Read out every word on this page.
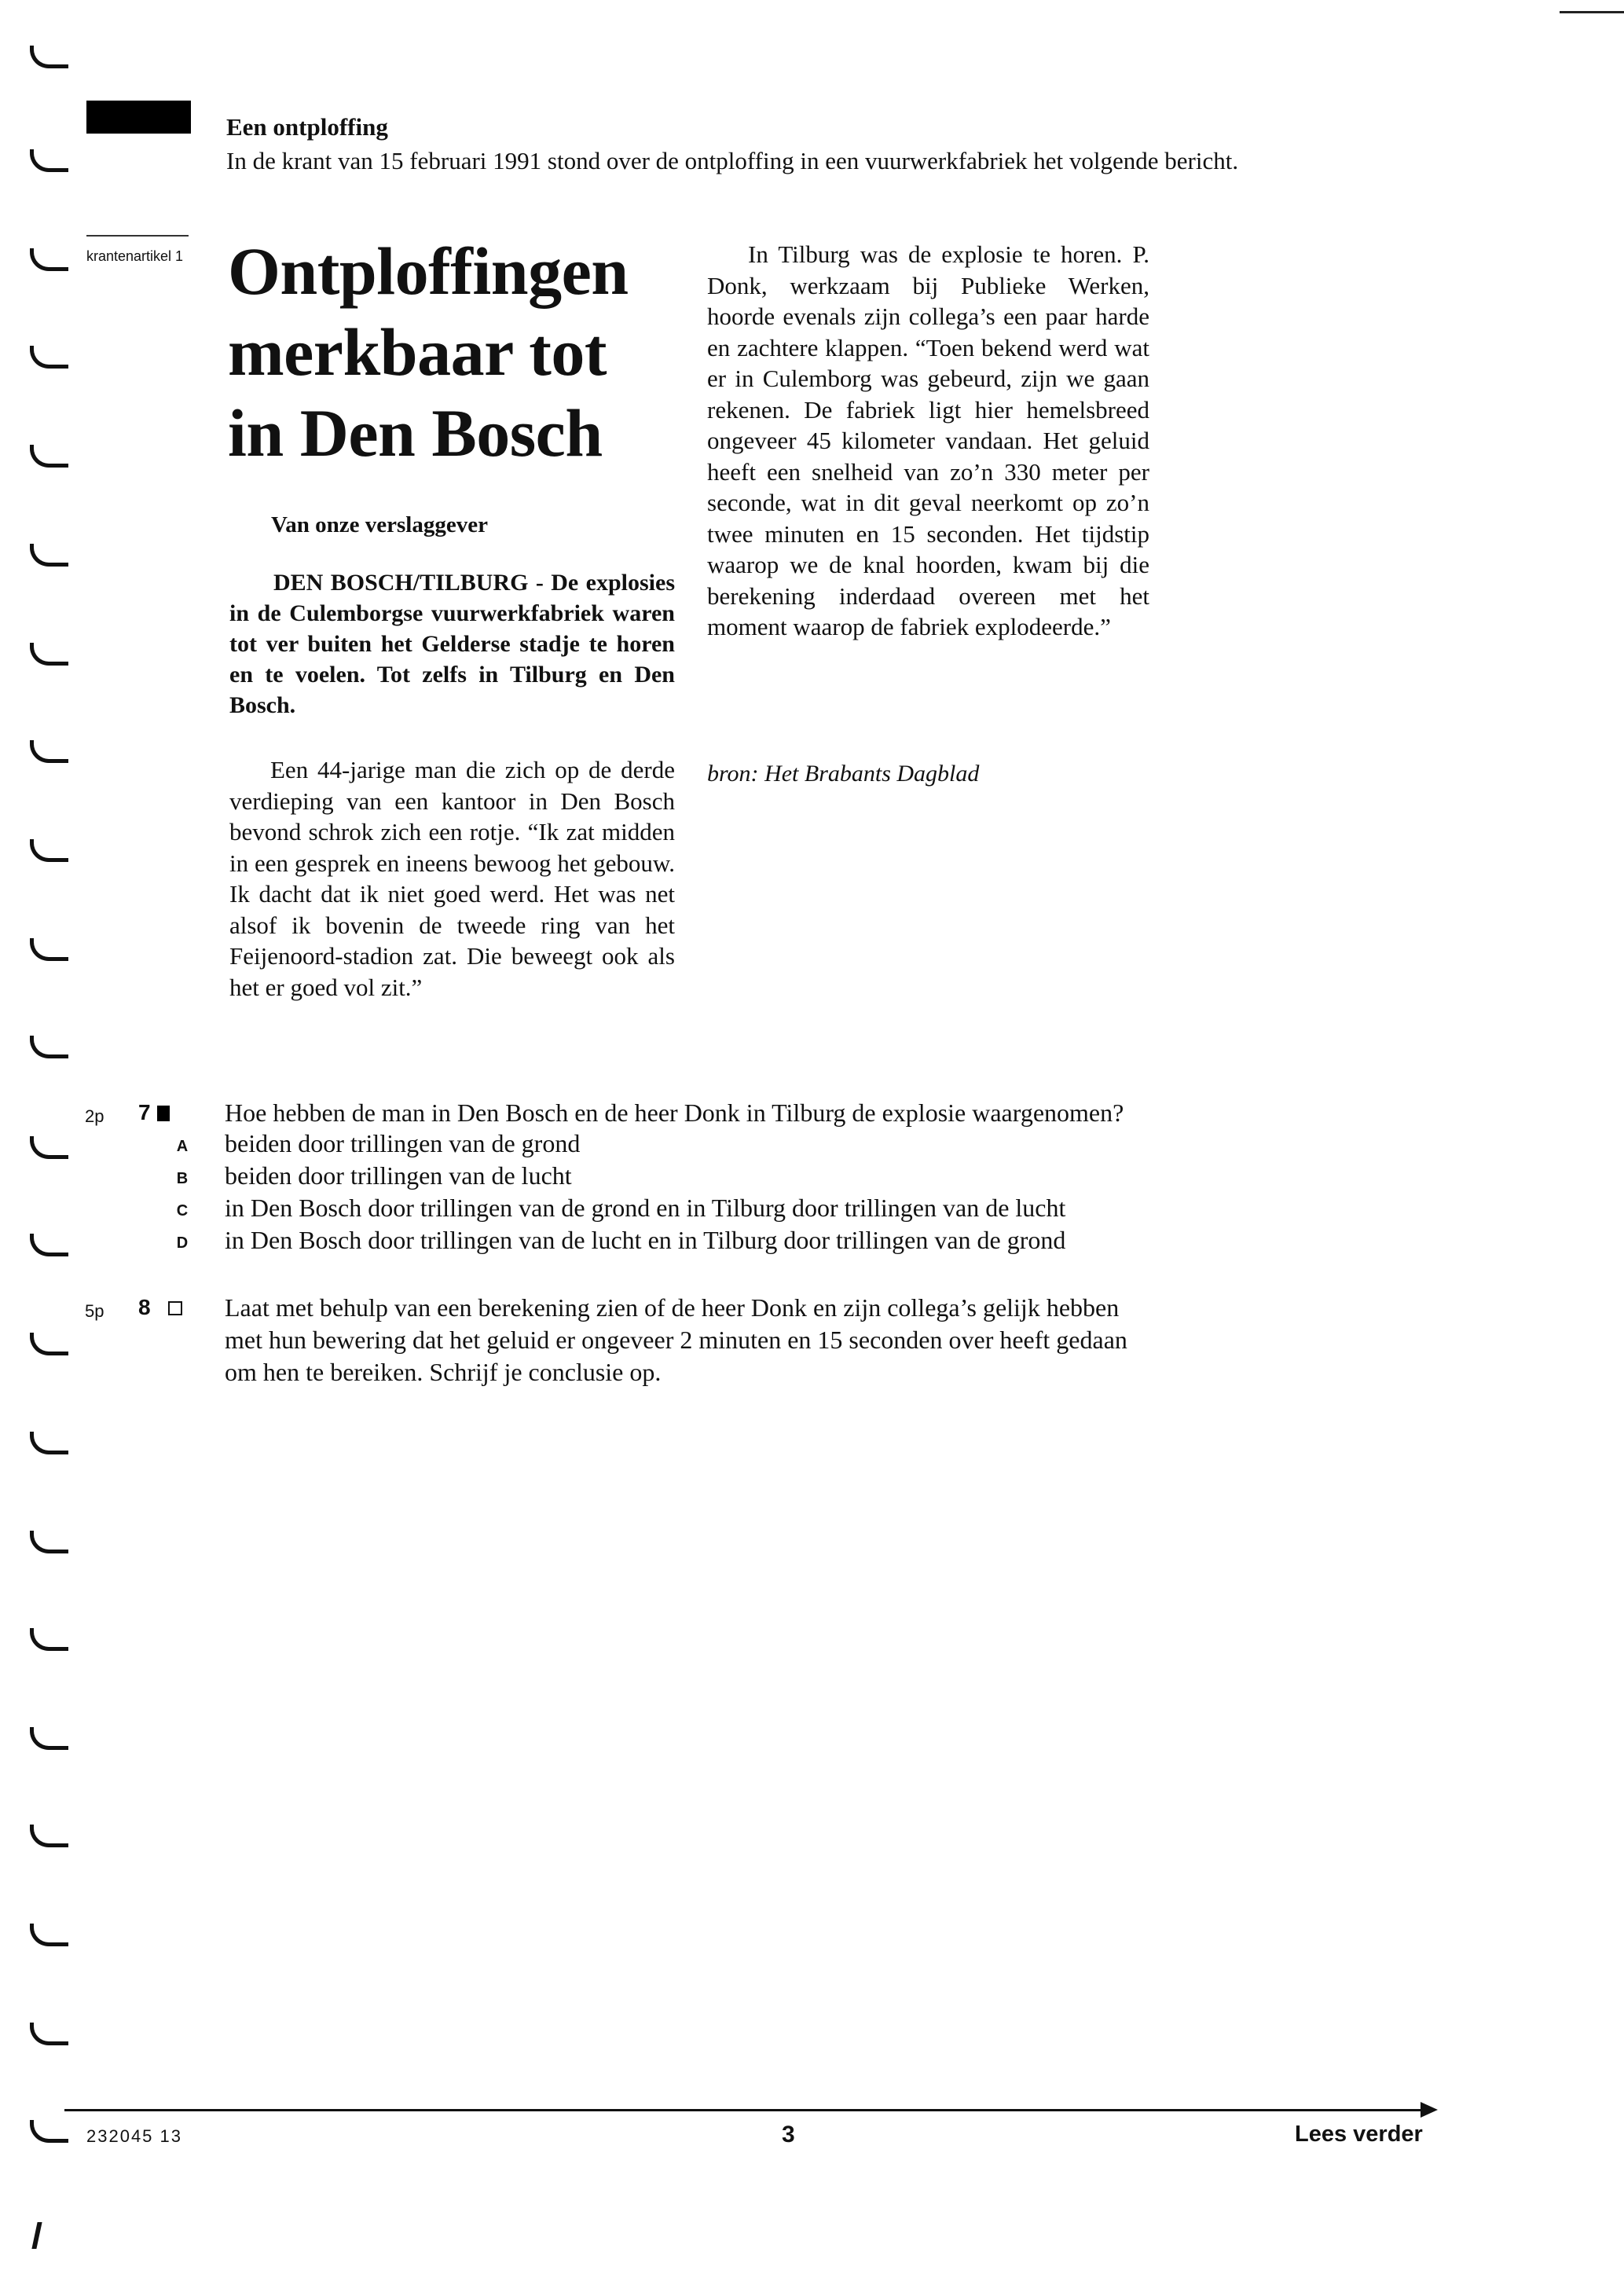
Een ontploffing
In de krant van 15 februari 1991 stond over de ontploffing in een vuurwerkfabriek het volgende bericht.
krantenartikel 1 Ontploffingen
merkbaar tot
in Den Bosch
Van onze verslaggever
DEN BOSCH/TILBURG - De explosies in de Culemborgse vuurwerkfabriek waren tot ver buiten het Gelderse stadje te horen en te voelen. Tot zelfs in Tilburg en Den Bosch.
Een 44-jarige man die zich op de derde verdieping van een kantoor in Den Bosch bevond schrok zich een rotje. “Ik zat midden in een gesprek en ineens bewoog het gebouw. Ik dacht dat ik niet goed werd. Het was net alsof ik bovenin de tweede ring van het Feijenoord-stadion zat. Die beweegt ook als het er goed vol zit.”
In Tilburg was de explosie te horen. P. Donk, werkzaam bij Publieke Werken, hoorde evenals zijn collega’s een paar harde en zachtere klappen. “Toen bekend werd wat er in Culemborg was gebeurd, zijn we gaan rekenen. De fabriek ligt hier hemelsbreed ongeveer 45 kilometer vandaan. Het geluid heeft een snelheid van zo’n 330 meter per seconde, wat in dit geval neerkomt op zo’n twee minuten en 15 seconden. Het tijdstip waarop we de knal hoorden, kwam bij die berekening inderdaad overeen met het moment waarop de fabriek explodeerde.”
bron: Het Brabants Dagblad
2p 7	Hoe hebben de man in Den Bosch en de heer Donk in Tilburg de explosie waargenomen?
A beiden door trillingen van de grond
B beiden door trillingen van de lucht
C in Den Bosch door trillingen van de grond en in Tilburg door trillingen van de lucht
D in Den Bosch door trillingen van de lucht en in Tilburg door trillingen van de grond
5p 8	Laat met behulp van een berekening zien of de heer Donk en zijn collega’s gelijk hebben
met hun bewering dat het geluid er ongeveer 2 minuten en 15 seconden over heeft gedaan
om hen te bereiken. Schrijf je conclusie op.
232045 13	3	Lees verder
